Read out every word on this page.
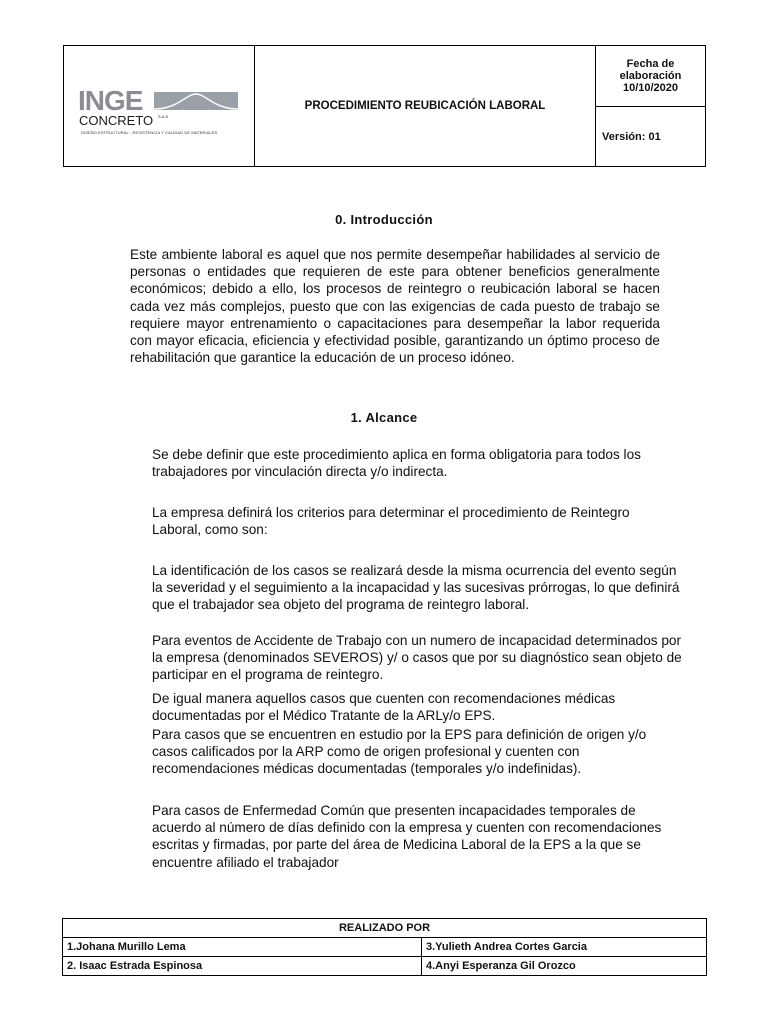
INGE
CONCRETO S.A.S
DISEÑO ESTRUCTURAL - RESISTENCIA Y CALIDAD DE MATERIALES
	PROCEDIMIENTO REUBICACIÓN LABORAL	
Fecha de elaboración
10/10/2020

Versión: 01
0. Introducción

Este ambiente laboral es aquel que nos permite desempeñar habilidades al servicio de personas o entidades que requieren de este para obtener beneficios generalmente económicos; debido a ello, los procesos de reintegro o reubicación laboral se hacen cada vez más complejos, puesto que con las exigencias de cada puesto de trabajo se requiere mayor entrenamiento o capacitaciones para desempeñar la labor requerida con mayor eficacia, eficiencia y efectividad posible, garantizando un óptimo proceso de rehabilitación que garantice la educación de un proceso idóneo.

1. Alcance

Se debe definir que este procedimiento aplica en forma obligatoria para todos los trabajadores por vinculación directa y/o indirecta.

La empresa definirá los criterios para determinar el procedimiento de Reintegro Laboral, como son:

La identificación de los casos se realizará desde la misma ocurrencia del evento según la severidad y el seguimiento a la incapacidad y las sucesivas prórrogas, lo que definirá que el trabajador sea objeto del programa de reintegro laboral.

Para eventos de Accidente de Trabajo con un numero de incapacidad determinados por la empresa (denominados SEVEROS) y/ o casos que por su diagnóstico sean objeto de participar en el programa de reintegro.

De igual manera aquellos casos que cuenten con recomendaciones médicas documentadas por el Médico Tratante de la ARLy/o EPS.

Para casos que se encuentren en estudio por la EPS para definición de origen y/o casos calificados por la ARP como de origen profesional y cuenten con recomendaciones médicas documentadas (temporales y/o indefinidas).

Para casos de Enfermedad Común que presenten incapacidades temporales de acuerdo al número de días definido con la empresa y cuenten con recomendaciones escritas y firmadas, por parte del área de Medicina Laboral de la EPS a la que se encuentre afiliado el trabajador

REALIZADO POR	
1.Johana Murillo Lema	3.Yulieth Andrea Cortes Garcia
2. Isaac Estrada Espinosa	4.Anyi Esperanza Gil Orozco
